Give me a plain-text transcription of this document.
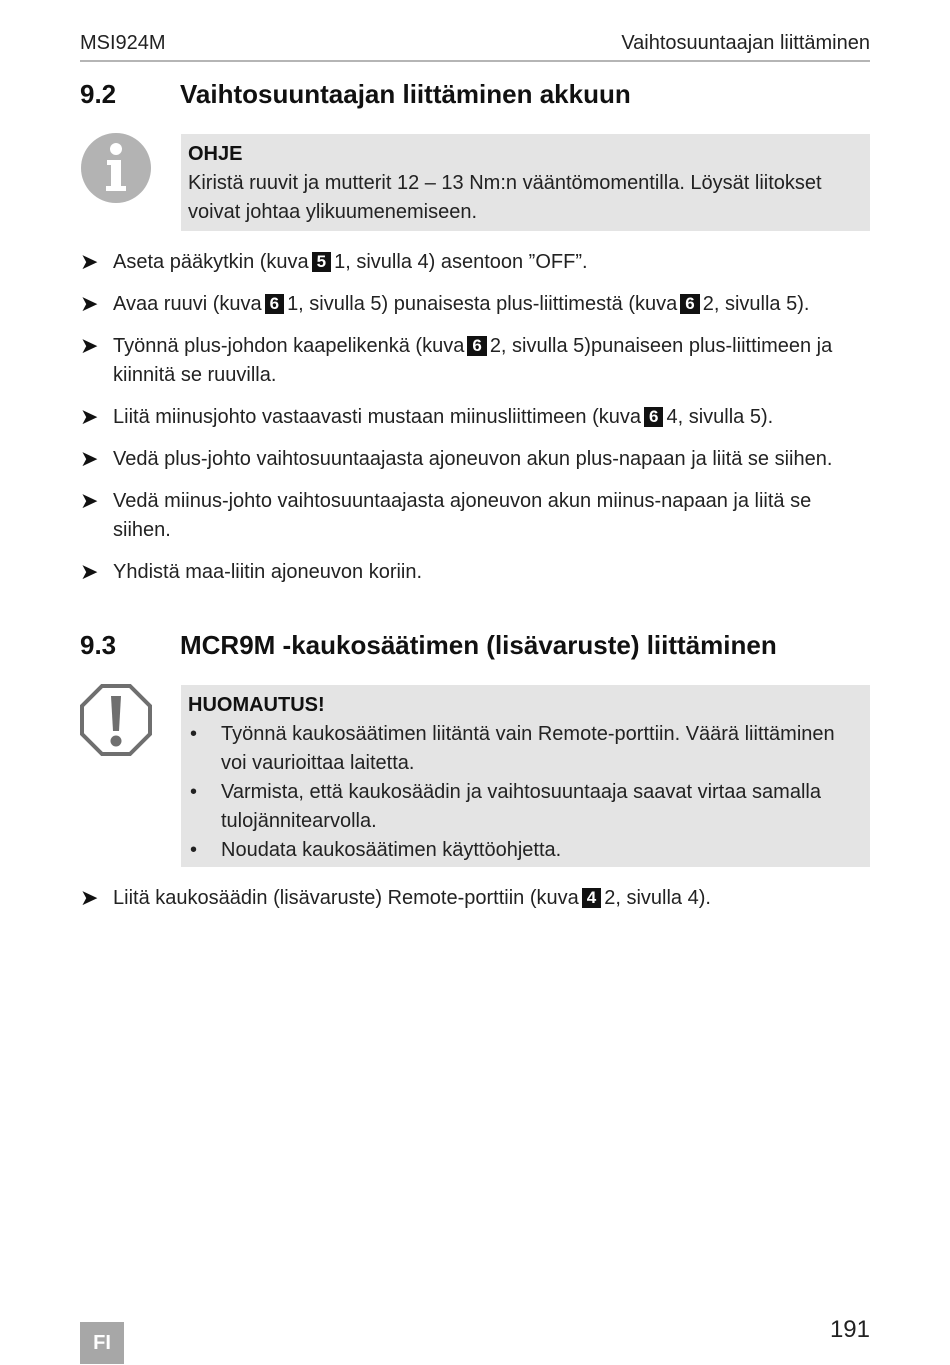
MSI924M	Vaihtosuuntaajan liittäminen
9.2 Vaihtosuuntaajan liittäminen akkuun
OHJE
Kiristä ruuvit ja mutterit 12 – 13 Nm:n vääntömomentilla. Löysät liitokset voivat johtaa ylikuumenemiseen.
➤ Aseta pääkytkin (kuva 5 1, sivulla 4) asentoon ”OFF”.
➤ Avaa ruuvi (kuva 6 1, sivulla 5) punaisesta plus-liittimestä (kuva 6 2, sivulla 5).
➤ Työnnä plus-johdon kaapelikenkä (kuva 6 2, sivulla 5)punaiseen plus-liittimeen ja kiinnitä se ruuvilla.
➤ Liitä miinusjohto vastaavasti mustaan miinusliittimeen (kuva 6 4, sivulla 5).
➤ Vedä plus-johto vaihtosuuntaajasta ajoneuvon akun plus-napaan ja liitä se siihen.
➤ Vedä miinus-johto vaihtosuuntaajasta ajoneuvon akun miinus-napaan ja liitä se siihen.
➤ Yhdistä maa-liitin ajoneuvon koriin.
9.3 MCR9M -kaukosäätimen (lisävaruste) liittäminen
HUOMAUTUS!
• Työnnä kaukosäätimen liitäntä vain Remote-porttiin. Väärä liittäminen voi vaurioittaa laitetta.
• Varmista, että kaukosäädin ja vaihtosuuntaaja saavat virtaa samalla tulojännitearvolla.
• Noudata kaukosäätimen käyttöohjetta.
➤ Liitä kaukosäädin (lisävaruste) Remote-porttiin (kuva 4 2, sivulla 4).
FI	191
